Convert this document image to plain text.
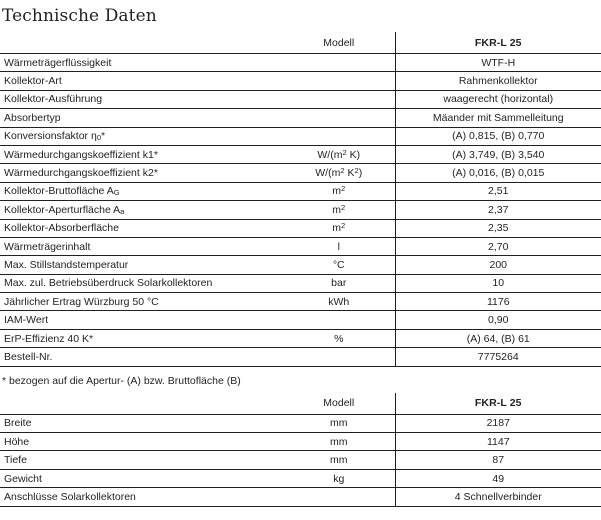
Technische Daten
	Modell	FKR-L 25
Wärmeträgerflüssigkeit		WTF-H
Kollektor-Art		Rahmenkollektor
Kollektor-Ausführung		waagerecht (horizontal)
Absorbertyp		Mäander mit Sammelleitung
Konversionsfaktor $\eta_0*$		(A) 0,815, (B) 0,770
Wärmedurchgangskoeffizient k1*	$W/(m^2$ K)	(A) 3,749, (B) 3,540
Wärmedurchgangskoeffizient k2*	$W/(m^2$ $K^2$)	(A) 0,016, (B) 0,015
Kollektor-Bruttofläche $A_G$	$m^2$	2,51
Kollektor-Aperturfläche $A_a$	$m^2$	2,37
Kollektor-Absorberfläche	$m^2$	2,35
Wärmeträgerinhalt	l	2,70
Max. Stillstandstemperatur	°C	200
Max. zul. Betriebsüberdruck Solarkollektoren	bar	10
Jährlicher Ertrag Würzburg 50 °C	kWh	1176
IAM-Wert		0,90
ErP-Effizienz 40 K*	%	(A) 64, (B) 61
Bestell-Nr.		7775264
* bezogen auf die Apertur- (A) bzw. Bruttofläche (B)
	Modell	FKR-L 25
Breite	mm	2187
Höhe	mm	1147
Tiefe	mm	87
Gewicht	kg	49
Anschlüsse Solarkollektoren		4 Schnellverbinder
